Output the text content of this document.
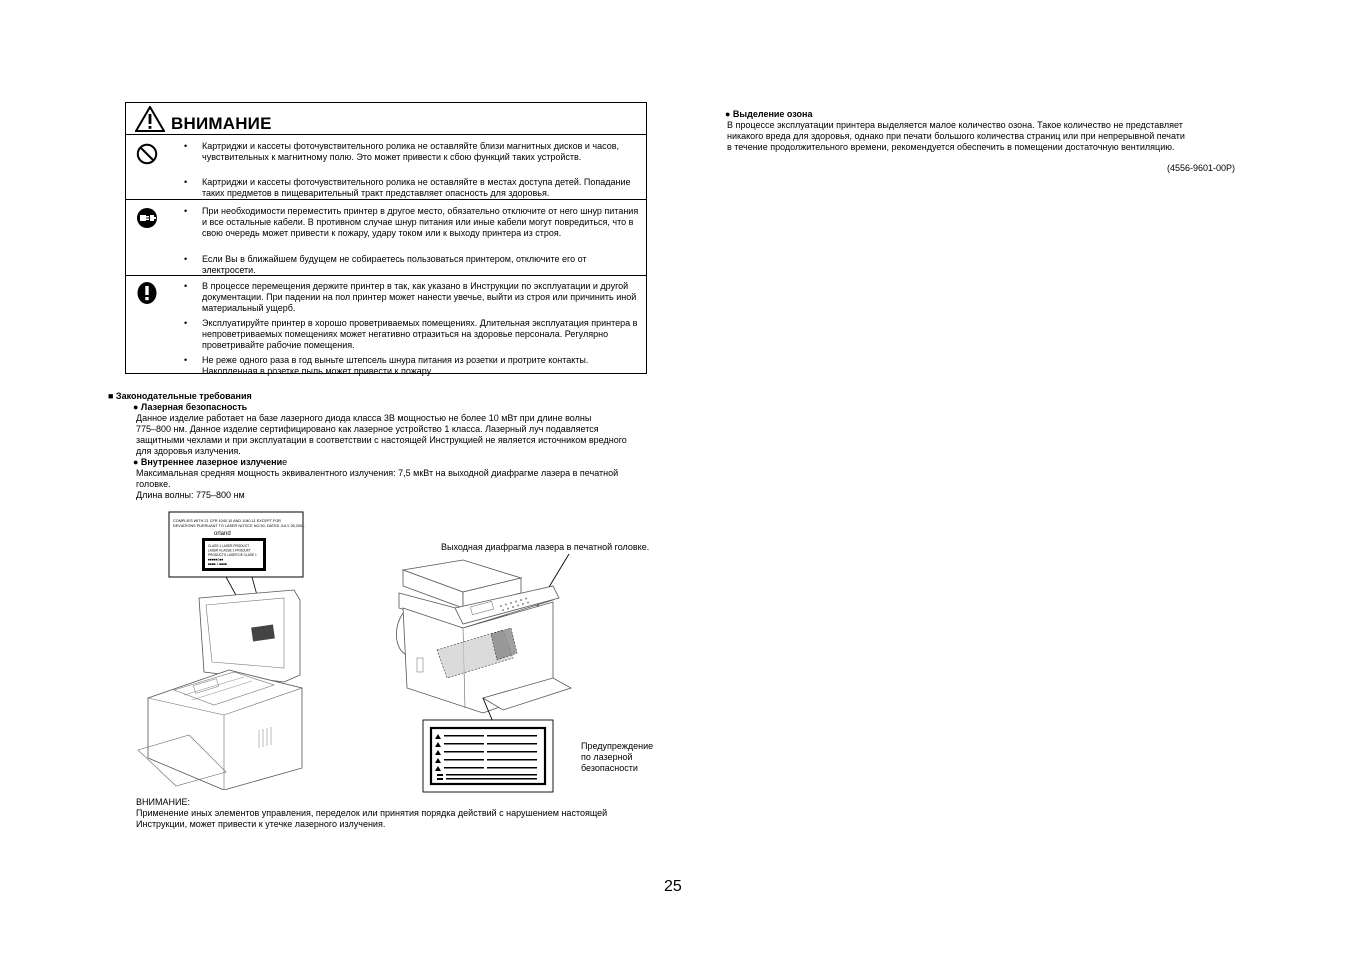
ВНИМАНИЕ
• Картриджи и кассеты фоточувствительного ролика не оставляйте близи магнитных дисков и часов, чувствительных к магнитному полю. Это может привести к сбою функций таких устройств.
• Картриджи и кассеты фоточувствительного ролика не оставляйте в местах доступа детей. Попадание таких предметов в пищеварительный тракт представляет опасность для здоровья.
• При необходимости переместить принтер в другое место, обязательно отключите от него шнур питания и все остальные кабели. В противном случае шнур питания или иные кабели могут повредиться, что в свою очередь может привести к пожару, удару током или к выходу принтера из строя.
• Если Вы в ближайшем будущем не собираетесь пользоваться принтером, отключите его от электросети.
• В процессе перемещения держите принтер в так, как указано в Инструкции по эксплуатации и другой документации. При падении на пол принтер может нанести увечье, выйти из строя или причинить иной материальный ущерб.
• Эксплуатируйте принтер в хорошо проветриваемых помещениях. Длительная эксплуатация принтера в непроветриваемых помещениях может негативно отразиться на здоровье персонала. Регулярно проветривайте рабочие помещения.
• Не реже одного раза в год выньте штепсель шнура питания из розетки и протрите контакты. Накопленная в розетке пыль может привести к пожару.
■ Законодательные требования
● Лазерная безопасность
Данное изделие работает на базе лазерного диода класса 3B мощностью не более 10 мВт при длине волны
775–800 нм. Данное изделие сертифицировано как лазерное устройство 1 класса. Лазерный луч подавляется
защитными чехлами и при эксплуатации в соответствии с настоящей Инструкцией не является источником вредного
для здоровья излучения.
● Внутреннее лазерное излучение
Максимальная средняя мощность эквивалентного излучения: 7,5 мкВт на выходной диафрагме лазера в печатной
головке.
Длина волны: 775–800 нм
COMPLIES WITH 21 CFR 1040.10 AND 1040.11 EXCEPT FOR
DEVIATIONS PURSUANT TO LASER NOTICE NO.50, DATED JULY 26,2001.
orland
CLASS 1 LASER PRODUCT
LASER KLASSE 1 PRODUKT
PRODUCTO LASER DE CLASE 1
■■■■■1■■
■■■■ 1 ■■■■
Выходная диафрагма лазера в печатной головке.
Предупреждение
по лазерной
безопасности
ВНИМАНИЕ:
Применение иных элементов управления, переделок или принятия порядка действий с нарушением настоящей
Инструкции, может привести к утечке лазерного излучения.
● Выделение озона
В процессе эксплуатации принтера выделяется малое количество озона. Такое количество не представляет
никакого вреда для здоровья, однако при печати большого количества страниц или при непрерывной печати
в течение продолжительного времени, рекомендуется обеспечить в помещении достаточную вентиляцию.
(4556-9601-00P)
25
